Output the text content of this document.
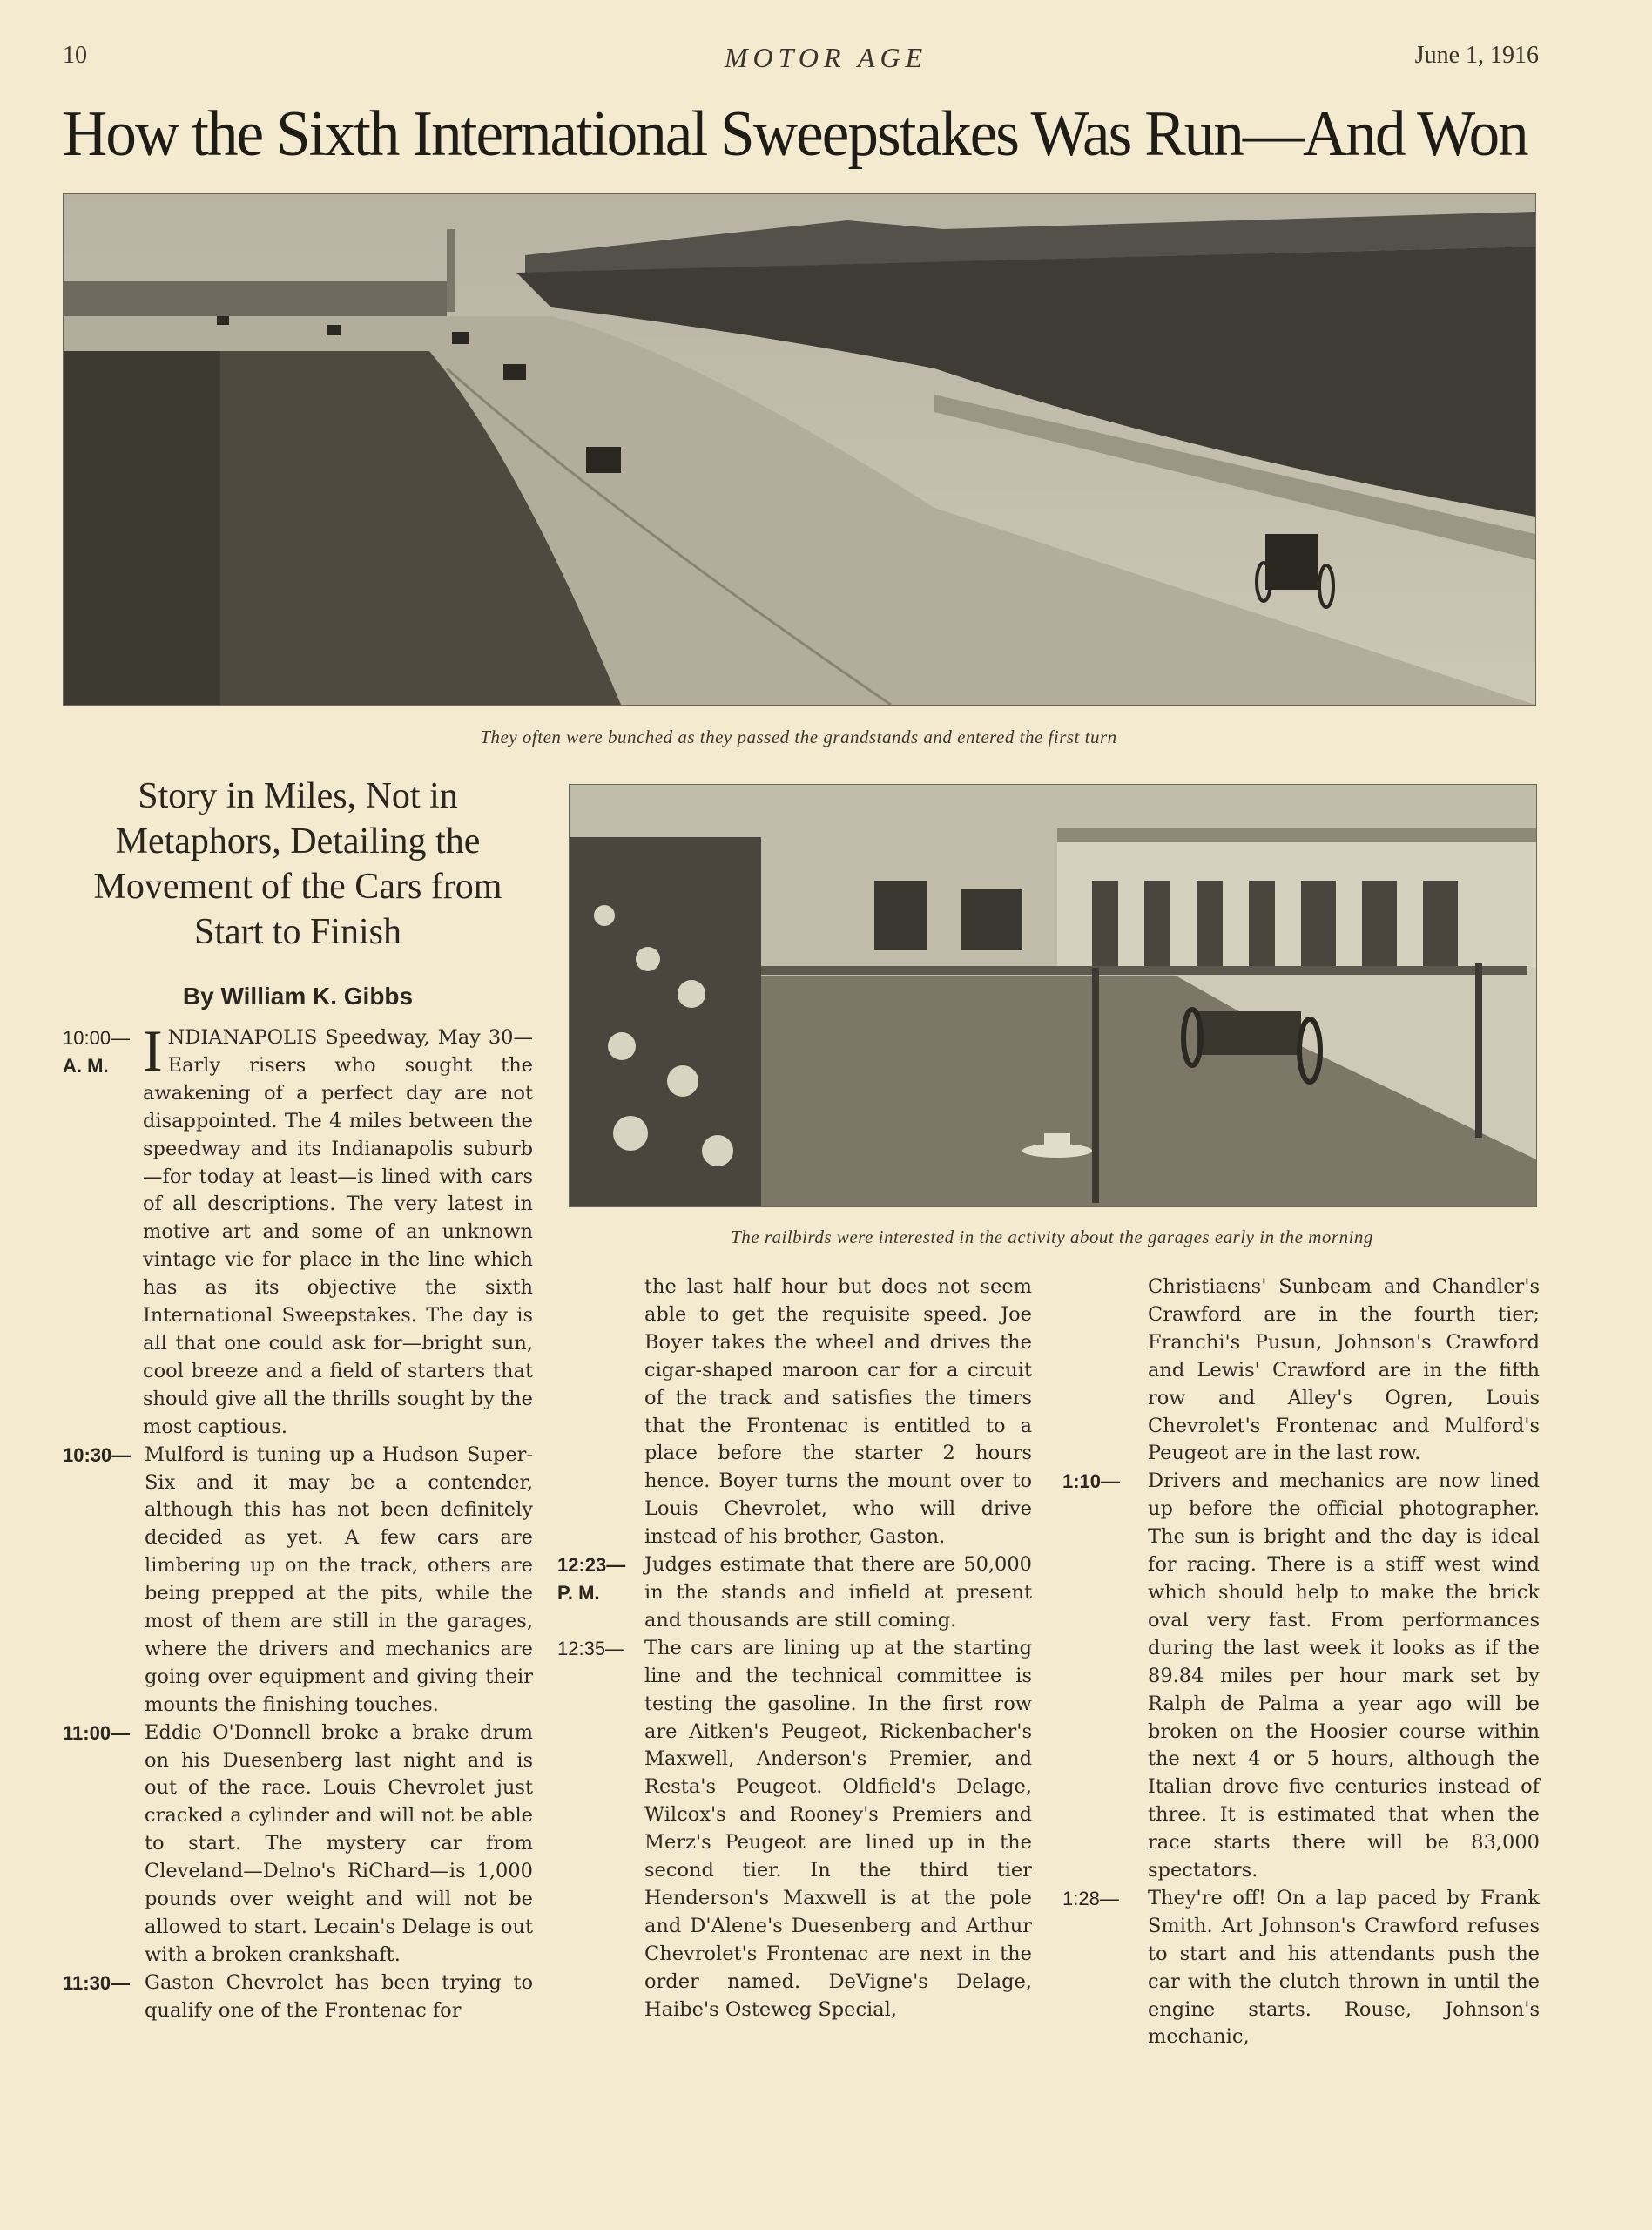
10	MOTOR AGE	June 1, 1916
How the Sixth International Sweepstakes Was Run—And Won
They often were bunched as they passed the grandstands and entered the first turn
Story in Miles, Not in Metaphors, Detailing the Movement of the Cars from Start to Finish
By William K. Gibbs
The railbirds were interested in the activity about the garages early in the morning
10:00—
A. M. INDIANAPOLIS Speedway, May 30—Early risers who sought the awakening of a perfect day are not disappointed. The 4 miles between the speedway and its Indianapolis suburb—for today at least—is lined with cars of all descriptions. The very latest in motive art and some of an unknown vintage vie for place in the line which has as its objective the sixth International Sweepstakes. The day is all that one could ask for—bright sun, cool breeze and a field of starters that should give all the thrills sought by the most captious.
10:30— Mulford is tuning up a Hudson Super-Six and it may be a contender, although this has not been definitely decided as yet. A few cars are limbering up on the track, others are being prepped at the pits, while the most of them are still in the garages, where the drivers and mechanics are going over equipment and giving their mounts the finishing touches.
11:00— Eddie O'Donnell broke a brake drum on his Duesenberg last night and is out of the race. Louis Chevrolet just cracked a cylinder and will not be able to start. The mystery car from Cleveland—Delno's RiChard—is 1,000 pounds over weight and will not be allowed to start. Lecain's Delage is out with a broken crankshaft.
11:30— Gaston Chevrolet has been trying to qualify one of the Frontenac for
the last half hour but does not seem able to get the requisite speed. Joe Boyer takes the wheel and drives the cigar-shaped maroon car for a circuit of the track and satisfies the timers that the Frontenac is entitled to a place before the starter 2 hours hence. Boyer turns the mount over to Louis Chevrolet, who will drive instead of his brother, Gaston.
12:23—
P. M.
Judges estimate that there are 50,000 in the stands and infield at present and thousands are still coming.
12:35— The cars are lining up at the starting line and the technical committee is testing the gasoline. In the first row are Aitken's Peugeot, Rickenbacher's Maxwell, Anderson's Premier, and Resta's Peugeot. Oldfield's Delage, Wilcox's and Rooney's Premiers and Merz's Peugeot are lined up in the second tier. In the third tier Henderson's Maxwell is at the pole and D'Alene's Duesenberg and Arthur Chevrolet's Frontenac are next in the order named. DeVigne's Delage, Haibe's Osteweg Special,
Christiaens' Sunbeam and Chandler's Crawford are in the fourth tier; Franchi's Pusun, Johnson's Crawford and Lewis' Crawford are in the fifth row and Alley's Ogren, Louis Chevrolet's Frontenac and Mulford's Peugeot are in the last row.
1:10— Drivers and mechanics are now lined up before the official photographer. The sun is bright and the day is ideal for racing. There is a stiff west wind which should help to make the brick oval very fast. From performances during the last week it looks as if the 89.84 miles per hour mark set by Ralph de Palma a year ago will be broken on the Hoosier course within the next 4 or 5 hours, although the Italian drove five centuries instead of three. It is estimated that when the race starts there will be 83,000 spectators.
1:28— They're off! On a lap paced by Frank Smith. Art Johnson's Crawford refuses to start and his attendants push the car with the clutch thrown in until the engine starts. Rouse, Johnson's mechanic,
